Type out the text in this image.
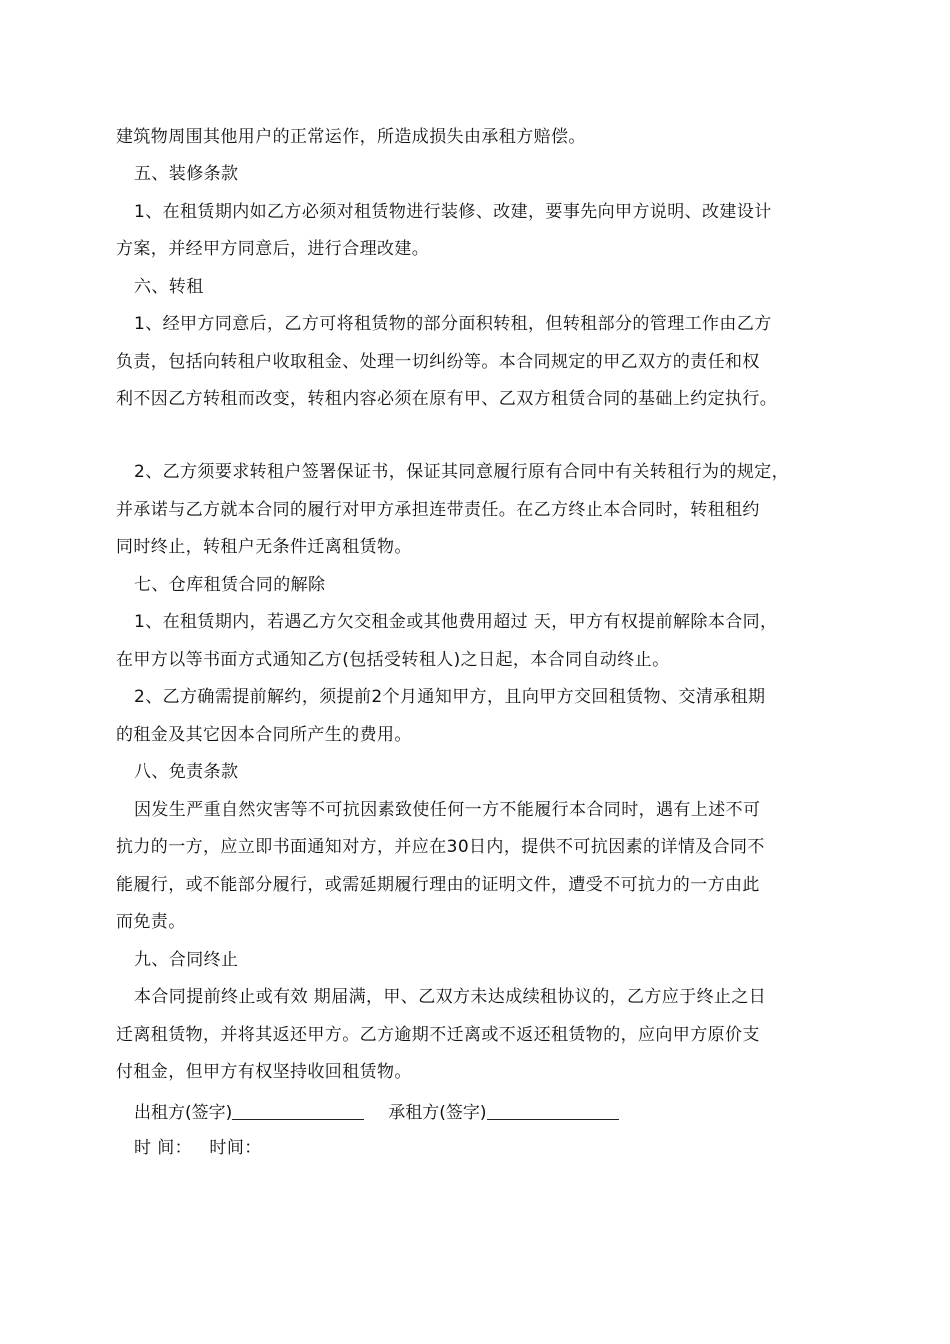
建筑物周围其他用户的正常运作，所造成损失由承租方赔偿。
五、装修条款
1、在租赁期内如乙方必须对租赁物进行装修、改建，要事先向甲方说明、改建设计
方案，并经甲方同意后，进行合理改建。
六、转租
1、经甲方同意后，乙方可将租赁物的部分面积转租，但转租部分的管理工作由乙方
负责，包括向转租户收取租金、处理一切纠纷等。本合同规定的甲乙双方的责任和权
利不因乙方转租而改变，转租内容必须在原有甲、乙双方租赁合同的基础上约定执行。
2、乙方须要求转租户签署保证书，保证其同意履行原有合同中有关转租行为的规定，
并承诺与乙方就本合同的履行对甲方承担连带责任。在乙方终止本合同时，转租租约
同时终止，转租户无条件迁离租赁物。
七、仓库租赁合同的解除
1、在租赁期内，若遇乙方欠交租金或其他费用超过 天，甲方有权提前解除本合同，
在甲方以等书面方式通知乙方(包括受转租人)之日起，本合同自动终止。
2、乙方确需提前解约，须提前2个月通知甲方，且向甲方交回租赁物、交清承租期
的租金及其它因本合同所产生的费用。
八、免责条款
因发生严重自然灾害等不可抗因素致使任何一方不能履行本合同时，遇有上述不可
抗力的一方，应立即书面通知对方，并应在30日内，提供不可抗因素的详情及合同不
能履行，或不能部分履行，或需延期履行理由的证明文件，遭受不可抗力的一方由此
而免责。
九、合同终止
本合同提前终止或有效 期届满，甲、乙双方未达成续租协议的，乙方应于终止之日
迁离租赁物，并将其返还甲方。乙方逾期不迁离或不返还租赁物的，应向甲方原价支
付租金，但甲方有权坚持收回租赁物。
出租方(签字)	承租方(签字)
时 间：   时间：
